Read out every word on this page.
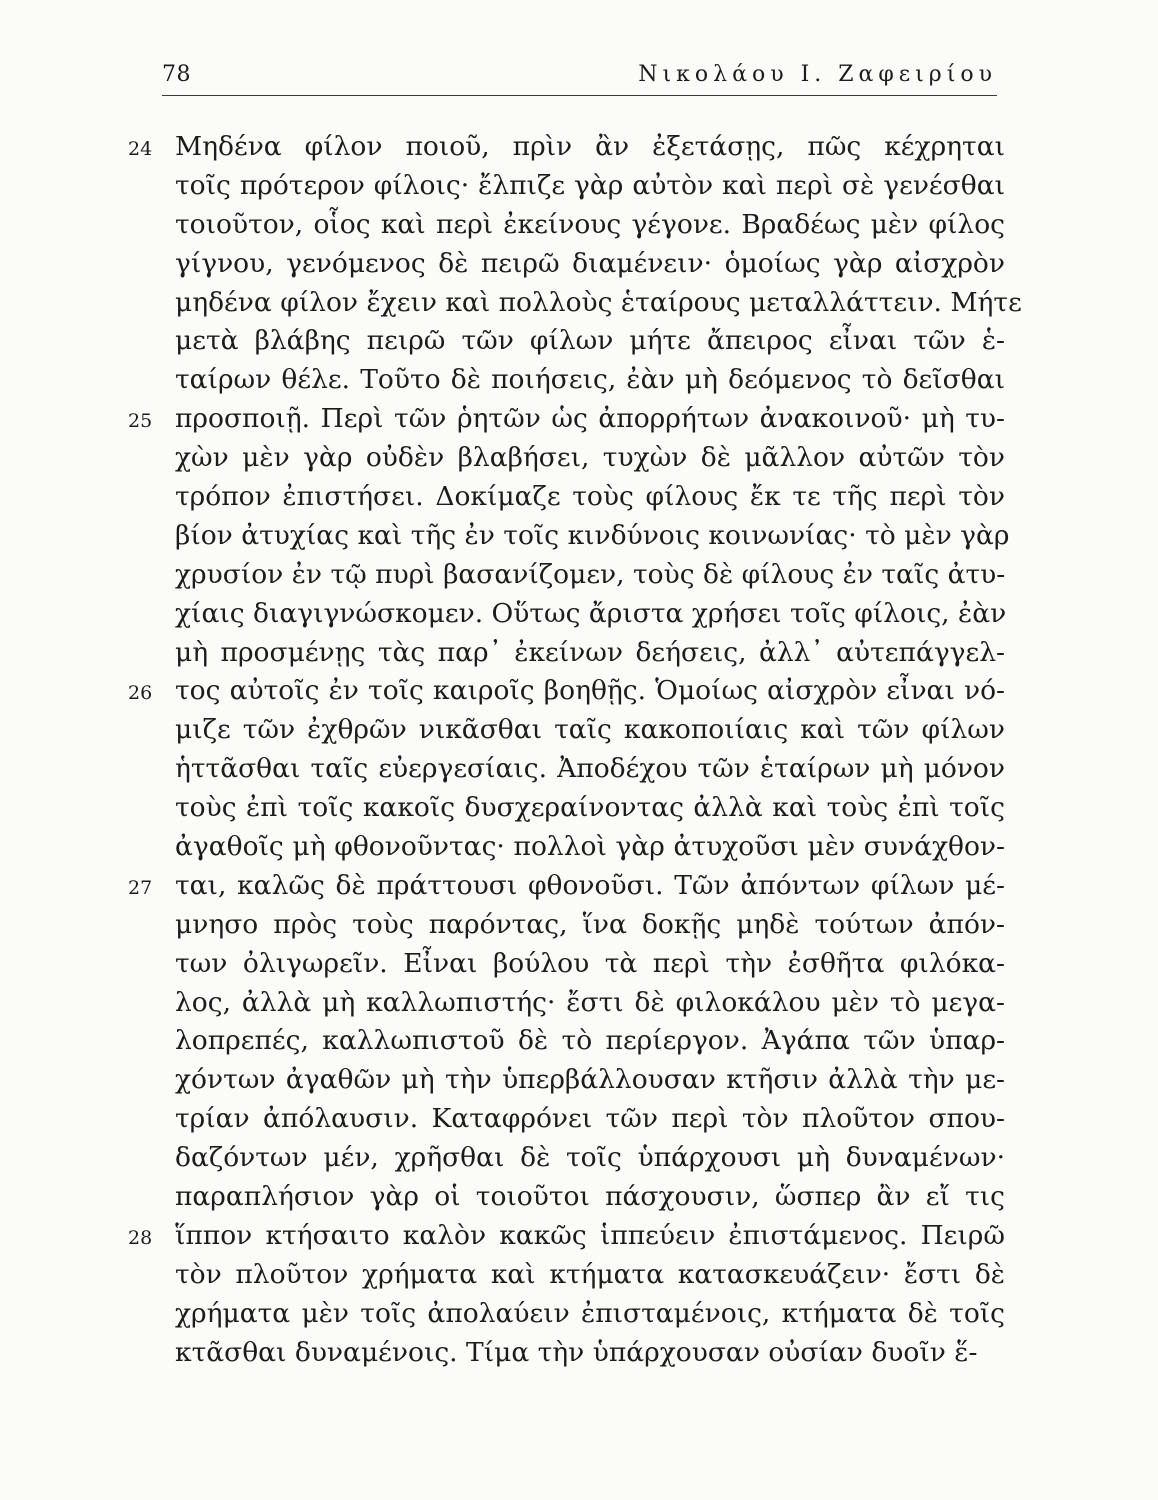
78	Νικολάου Ι. Ζαφειρίου
24 Μηδένα φίλον ποιοῦ, πρὶν ἂν ἐξετάσῃς, πῶς κέχρηται
τοῖς πρότερον φίλοις· ἔλπιζε γὰρ αὐτὸν καὶ περὶ σὲ γενέσθαι
τοιοῦτον, οἷος καὶ περὶ ἐκείνους γέγονε. Βραδέως μὲν φίλος
γίγνου, γενόμενος δὲ πειρῶ διαμένειν· ὁμοίως γὰρ αἰσχρὸν
μηδένα φίλον ἔχειν καὶ πολλοὺς ἑταίρους μεταλλάττειν. Μήτε
μετὰ βλάβης πειρῶ τῶν φίλων μήτε ἄπειρος εἶναι τῶν ἑ-
ταίρων θέλε. Τοῦτο δὲ ποιήσεις, ἐὰν μὴ δεόμενος τὸ δεῖσθαι
25 προσποιῇ. Περὶ τῶν ῥητῶν ὡς ἀπορρήτων ἀνακοινοῦ· μὴ τυ-
χὼν μὲν γὰρ οὐδὲν βλαβήσει, τυχὼν δὲ μᾶλλον αὐτῶν τὸν
τρόπον ἐπιστήσει. Δοκίμαζε τοὺς φίλους ἔκ τε τῆς περὶ τὸν
βίον ἀτυχίας καὶ τῆς ἐν τοῖς κινδύνοις κοινωνίας· τὸ μὲν γὰρ
χρυσίον ἐν τῷ πυρὶ βασανίζομεν, τοὺς δὲ φίλους ἐν ταῖς ἀτυ-
χίαις διαγιγνώσκομεν. Οὕτως ἄριστα χρήσει τοῖς φίλοις, ἐὰν
μὴ προσμένῃς τὰς παρ᾽ ἐκείνων δεήσεις, ἀλλ᾽ αὐτεπάγγελ-
26 τος αὐτοῖς ἐν τοῖς καιροῖς βοηθῇς. Ὁμοίως αἰσχρὸν εἶναι νό-
μιζε τῶν ἐχθρῶν νικᾶσθαι ταῖς κακοποιίαις καὶ τῶν φίλων
ἡττᾶσθαι ταῖς εὐεργεσίαις. Ἀποδέχου τῶν ἑταίρων μὴ μόνον
τοὺς ἐπὶ τοῖς κακοῖς δυσχεραίνοντας ἀλλὰ καὶ τοὺς ἐπὶ τοῖς
ἀγαθοῖς μὴ φθονοῦντας· πολλοὶ γὰρ ἀτυχοῦσι μὲν συνάχθον-
27 ται, καλῶς δὲ πράττουσι φθονοῦσι. Τῶν ἀπόντων φίλων μέ-
μνησο πρὸς τοὺς παρόντας, ἵνα δοκῇς μηδὲ τούτων ἀπόν-
των ὀλιγωρεῖν. Εἶναι βούλου τὰ περὶ τὴν ἐσθῆτα φιλόκα-
λος, ἀλλὰ μὴ καλλωπιστής· ἔστι δὲ φιλοκάλου μὲν τὸ μεγα-
λοπρεπές, καλλωπιστοῦ δὲ τὸ περίεργον. Ἀγάπα τῶν ὑπαρ-
χόντων ἀγαθῶν μὴ τὴν ὑπερβάλλουσαν κτῆσιν ἀλλὰ τὴν με-
τρίαν ἀπόλαυσιν. Καταφρόνει τῶν περὶ τὸν πλοῦτον σπου-
δαζόντων μέν, χρῆσθαι δὲ τοῖς ὑπάρχουσι μὴ δυναμένων·
παραπλήσιον γὰρ οἱ τοιοῦτοι πάσχουσιν, ὥσπερ ἂν εἴ τις
28 ἵππον κτήσαιτο καλὸν κακῶς ἱππεύειν ἐπιστάμενος. Πειρῶ
τὸν πλοῦτον χρήματα καὶ κτήματα κατασκευάζειν· ἔστι δὲ
χρήματα μὲν τοῖς ἀπολαύειν ἐπισταμένοις, κτήματα δὲ τοῖς
κτᾶσθαι δυναμένοις. Τίμα τὴν ὑπάρχουσαν οὐσίαν δυοῖν ἕ-
